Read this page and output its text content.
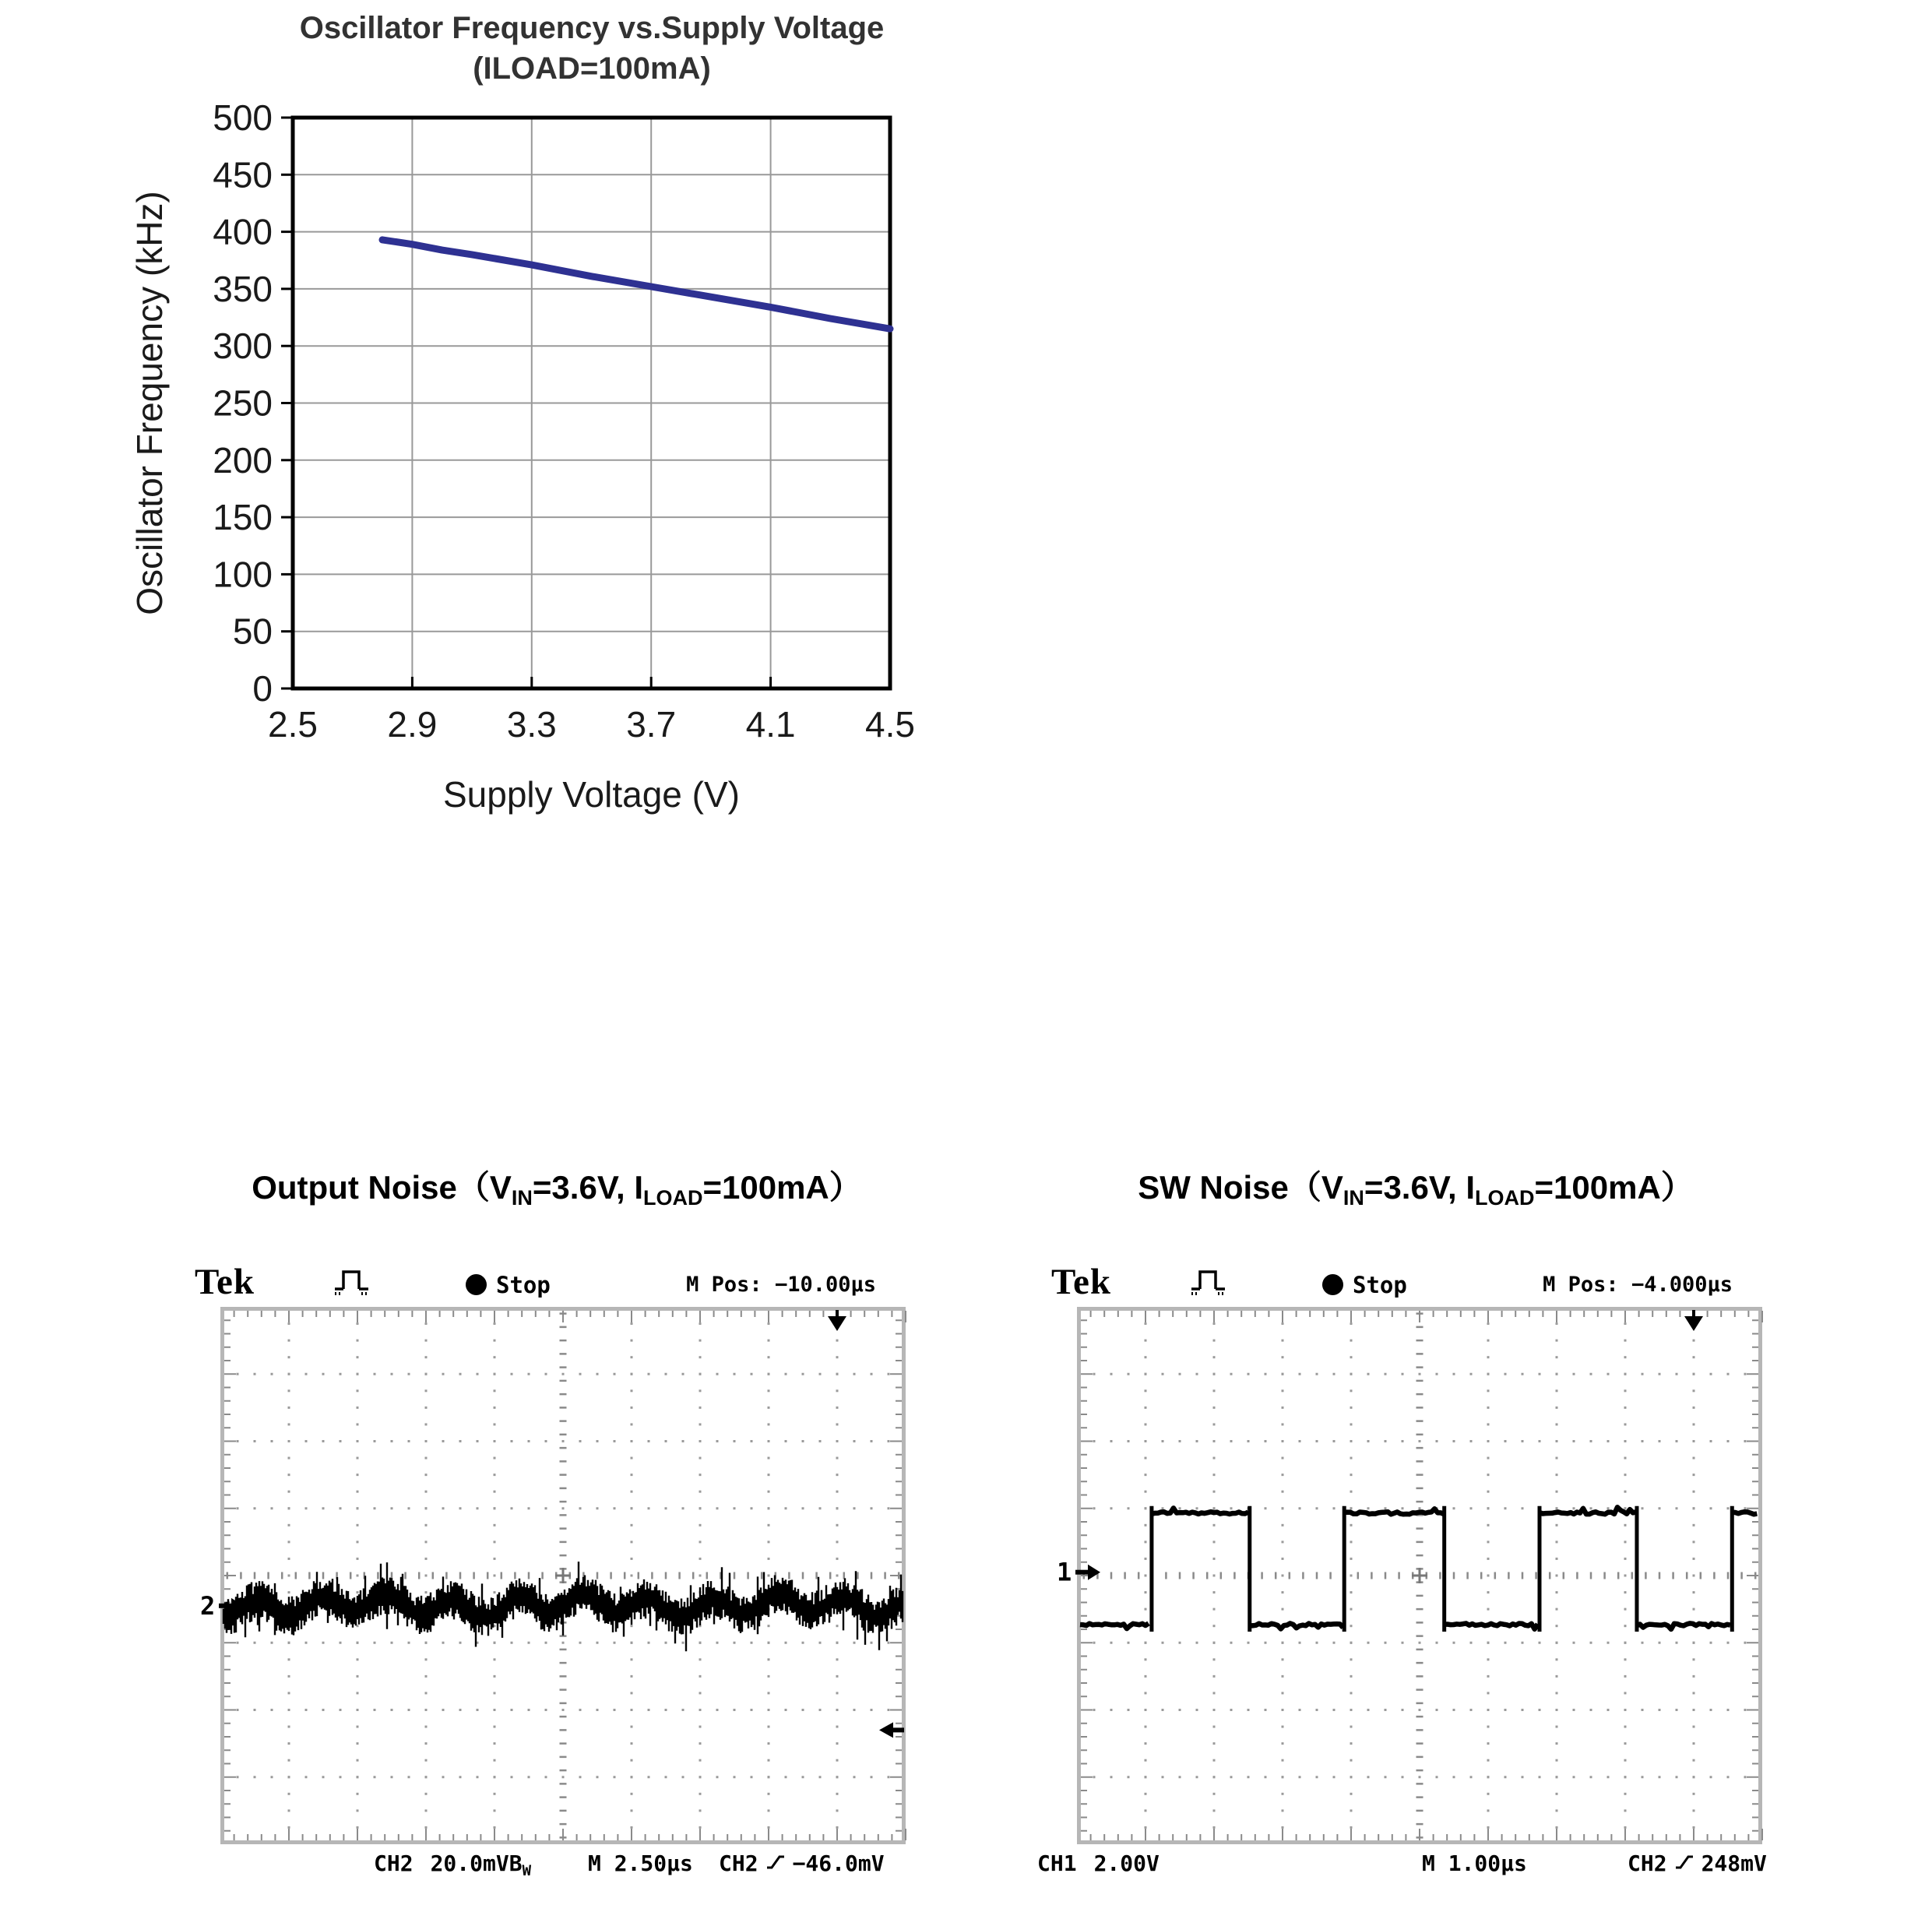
Oscillator Frequency vs.Supply Voltage
(ILOAD=100mA)
0
50
100
150
200
250
300
350
400
450
500
2.5 2.9 3.3 3.7 4.1 4.5
Supply Voltage (V)
Oscillator Frequency (kHz)
Output Noise（VIN=3.6V, ILOAD=100mA）
Tek	Stop	M Pos: −10.00µs
2
CH2 20.0mVB$_W$	M 2.50µs CH2 −46.0mV
SW Noise（VIN=3.6V, ILOAD=100mA）
Tek	Stop	M Pos: −4.000µs
1
CH1 2.00V	M 1.00µs	CH2 248mV
